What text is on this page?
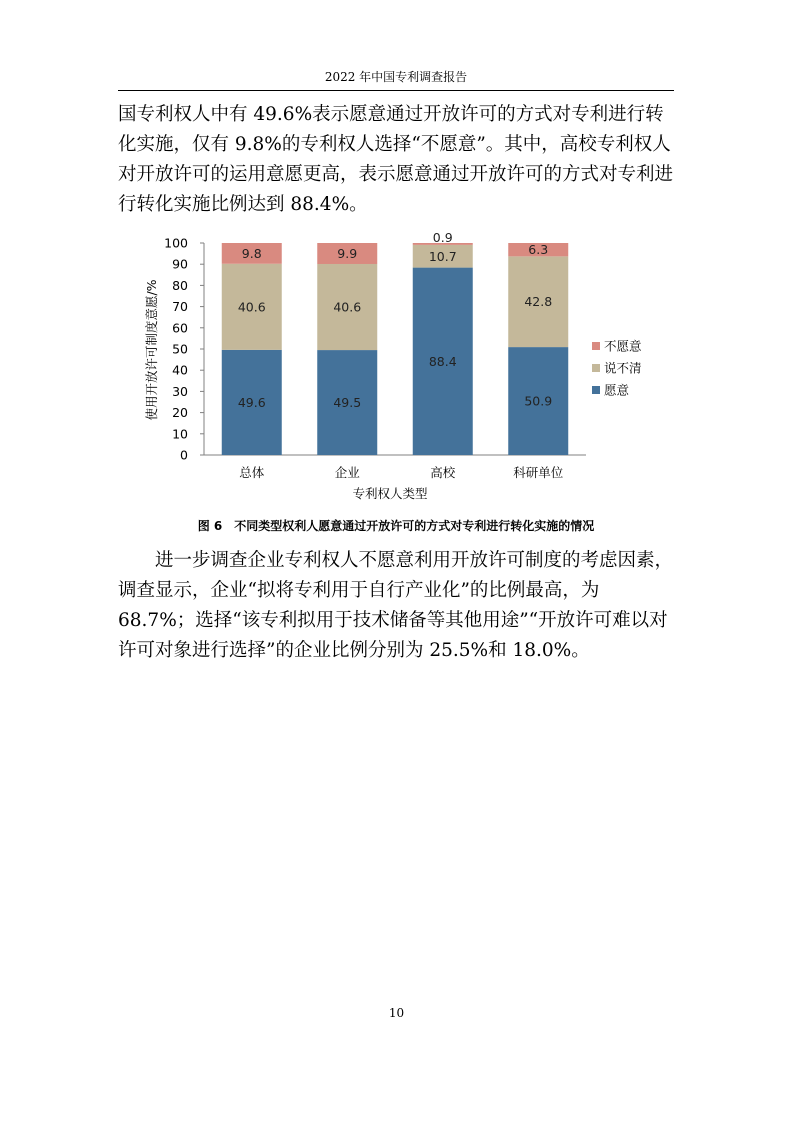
2022 年中国专利调查报告
国专利权人中有 49.6%表示愿意通过开放许可的方式对专利进行转化实施，仅有 9.8%的专利权人选择“不愿意”。其中，高校专利权人对开放许可的运用意愿更高，表示愿意通过开放许可的方式对专利进行转化实施比例达到 88.4%。
0
10
20
30
40
50
60
70
80
90
100
49.6
40.6
9.8
49.5
40.6
9.9
88.4
10.7
0.9
50.9
42.8
6.3
总体	企业	高校	科研单位
不愿意
说不清
愿意
专利权人类型
使用开放许可制度意愿/%
图 6　不同类型权利人愿意通过开放许可的方式对专利进行转化实施的情况
　　进一步调查企业专利权人不愿意利用开放许可制度的考虑因素，调查显示，企业“拟将专利用于自行产业化”的比例最高，为 68.7%；选择“该专利拟用于技术储备等其他用途”“开放许可难以对许可对象进行选择”的企业比例分别为 25.5%和 18.0%。
10
